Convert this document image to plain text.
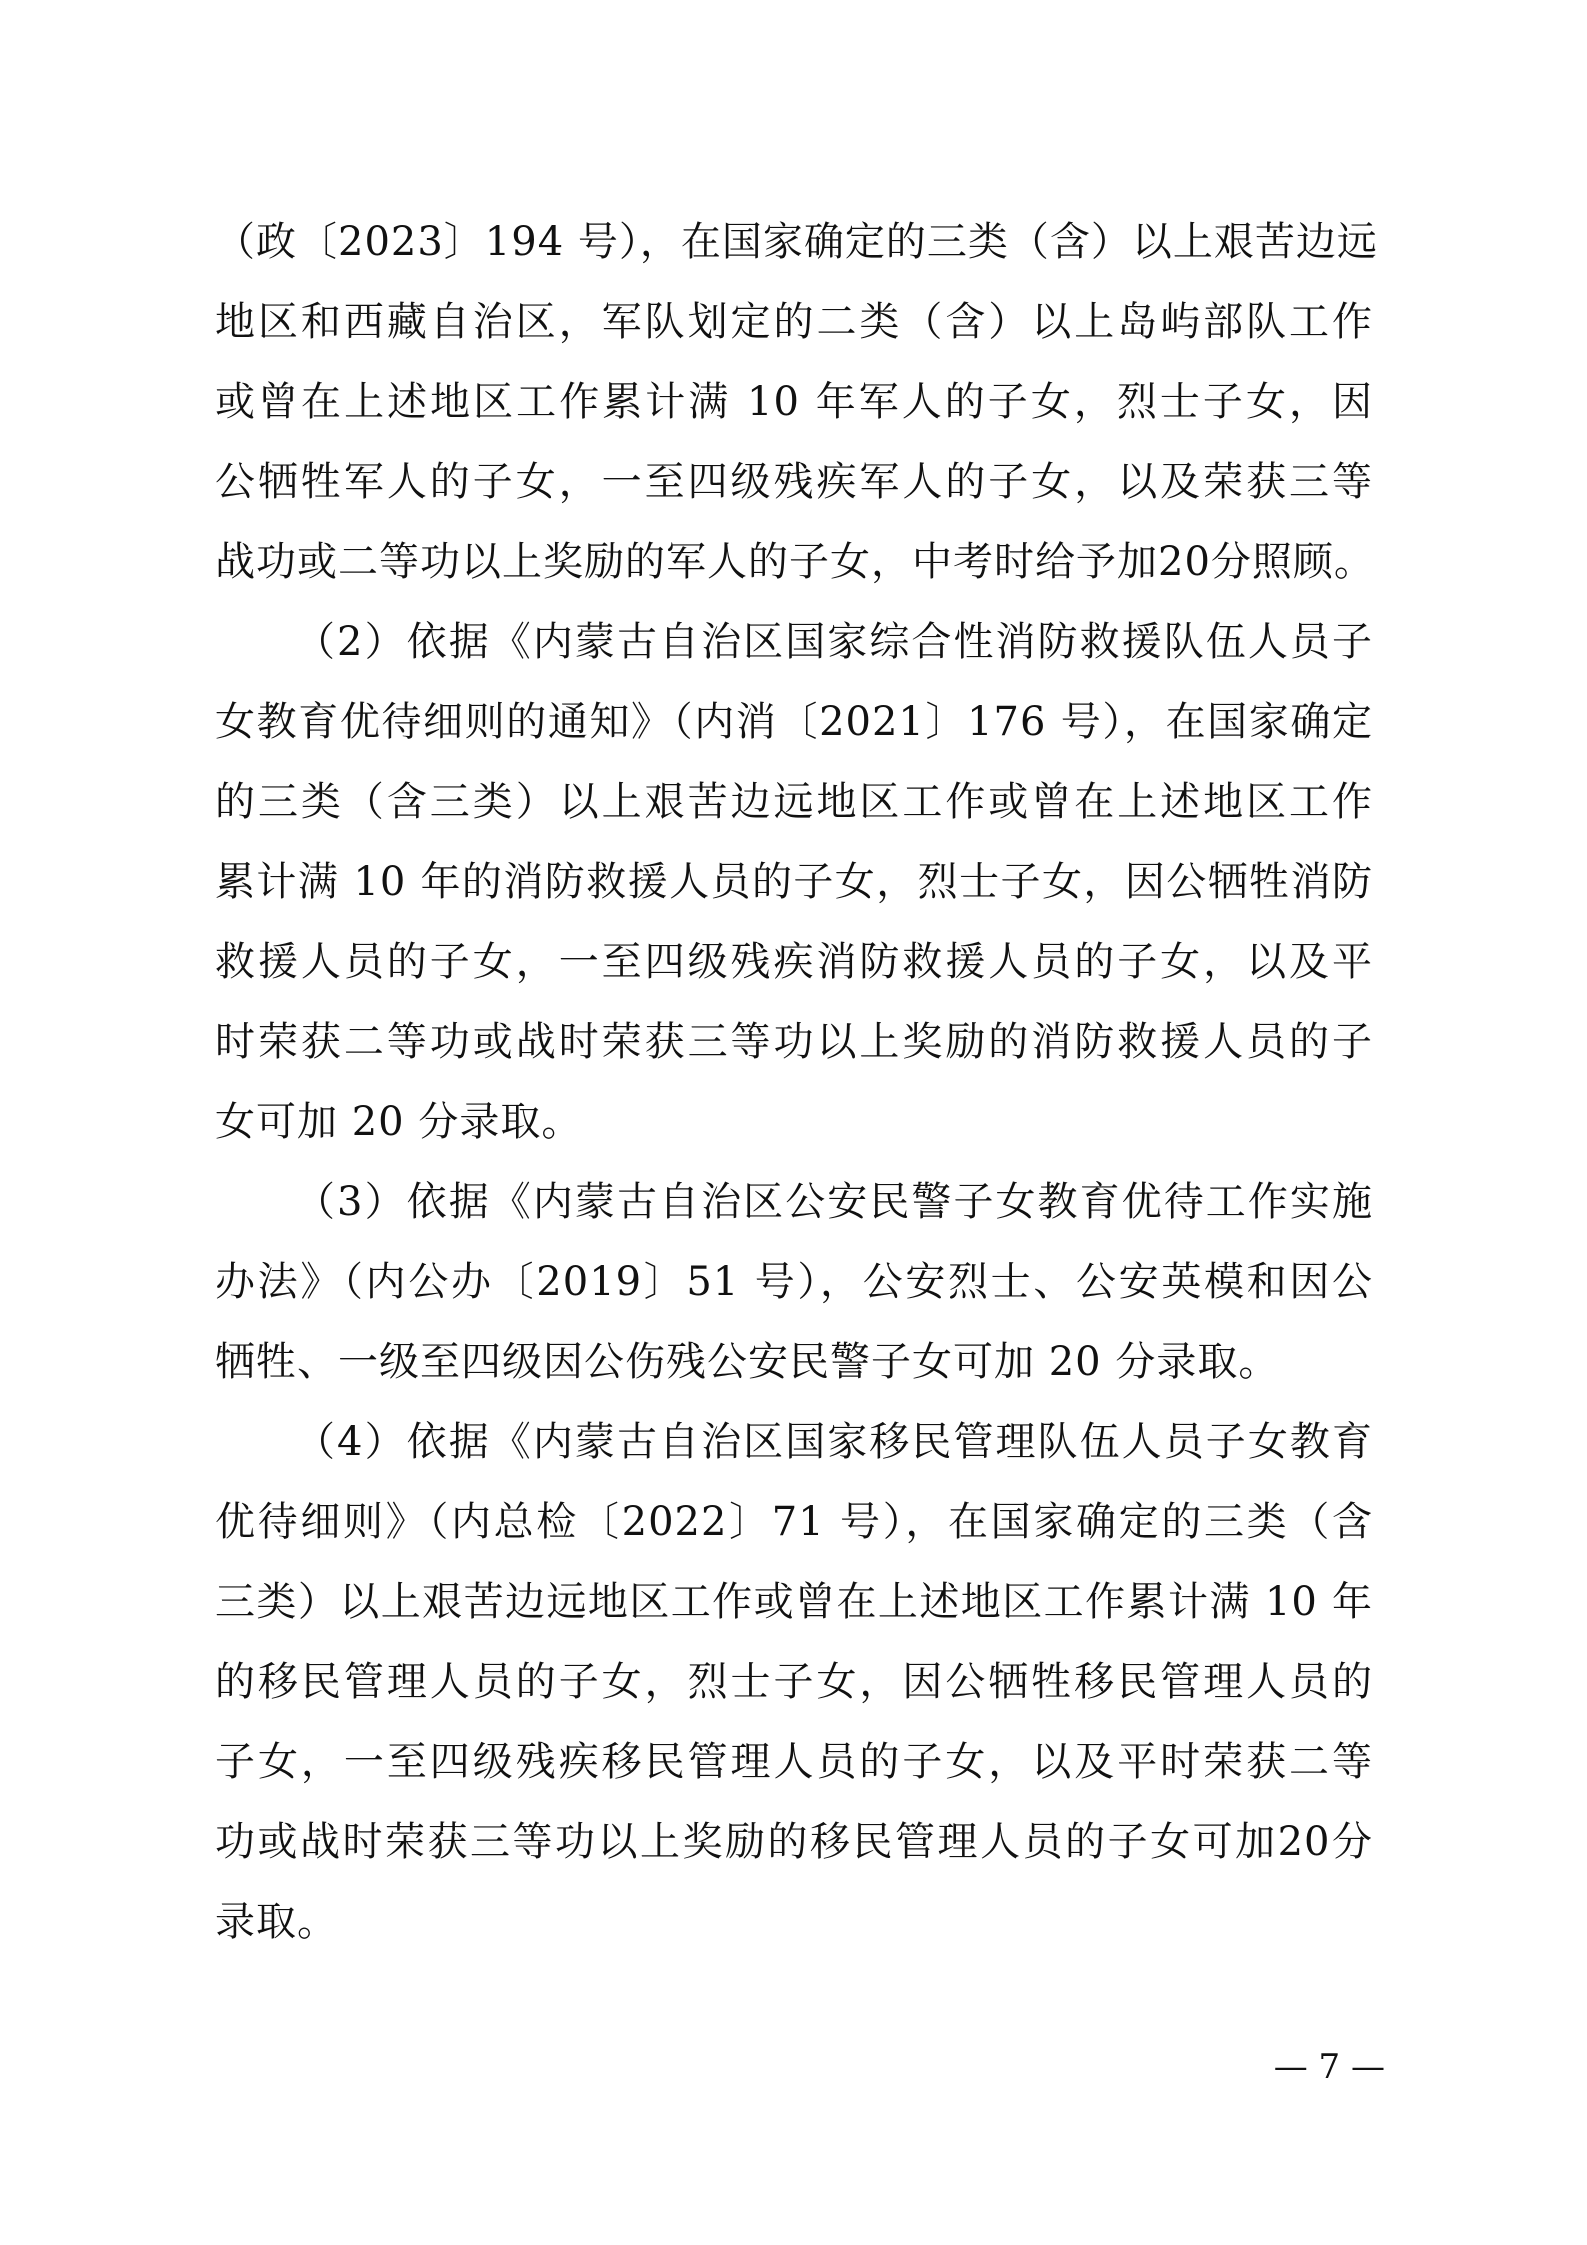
（政〔2023〕194 号），在国家确定的三类（含）以上艰苦边远
地区和西藏自治区，军队划定的二类（含）以上岛屿部队工作
或曾在上述地区工作累计满 10 年军人的子女，烈士子女，因
公牺牲军人的子女，一至四级残疾军人的子女，以及荣获三等
战功或二等功以上奖励的军人的子女，中考时给予加20分照顾。
（2）依据《内蒙古自治区国家综合性消防救援队伍人员子
女教育优待细则的通知》（内消〔2021〕176 号），在国家确定
的三类（含三类）以上艰苦边远地区工作或曾在上述地区工作
累计满 10 年的消防救援人员的子女，烈士子女，因公牺牲消防
救援人员的子女，一至四级残疾消防救援人员的子女，以及平
时荣获二等功或战时荣获三等功以上奖励的消防救援人员的子
女可加 20 分录取。
（3）依据《内蒙古自治区公安民警子女教育优待工作实施
办法》（内公办〔2019〕51 号），公安烈士、公安英模和因公
牺牲、一级至四级因公伤残公安民警子女可加 20 分录取。
（4）依据《内蒙古自治区国家移民管理队伍人员子女教育
优待细则》（内总检〔2022〕71 号），在国家确定的三类（含
三类）以上艰苦边远地区工作或曾在上述地区工作累计满 10 年
的移民管理人员的子女，烈士子女，因公牺牲移民管理人员的
子女，一至四级残疾移民管理人员的子女，以及平时荣获二等
功或战时荣获三等功以上奖励的移民管理人员的子女可加20分
录取。
— 7 —
